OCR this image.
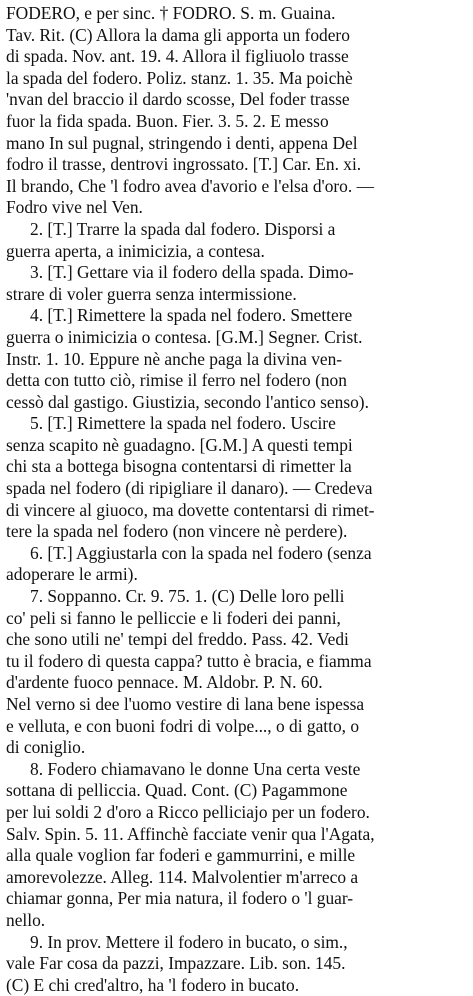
FODERO, e per sinc. † FODRO. S. m. Guaina.
Tav. Rit. (C) Allora la dama gli apporta un fodero
di spada. Nov. ant. 19. 4. Allora il figliuolo trasse
la spada del fodero. Poliz. stanz. 1. 35. Ma poichè
'nvan del braccio il dardo scosse, Del foder trasse
fuor la fida spada. Buon. Fier. 3. 5. 2. E messo
mano In sul pugnal, stringendo i denti, appena Del
fodro il trasse, dentrovi ingrossato. [T.] Car. En. xi.
Il brando, Che 'l fodro avea d'avorio e l'elsa d'oro. —
Fodro vive nel Ven.
2. [T.] Trarre la spada dal fodero. Disporsi a
guerra aperta, a inimicizia, a contesa.
3. [T.] Gettare via il fodero della spada. Dimo-
strare di voler guerra senza intermissione.
4. [T.] Rimettere la spada nel fodero. Smettere
guerra o inimicizia o contesa. [G.M.] Segner. Crist.
Instr. 1. 10. Eppure nè anche paga la divina ven-
detta con tutto ciò, rimise il ferro nel fodero (non
cessò dal gastigo. Giustizia, secondo l'antico senso).
5. [T.] Rimettere la spada nel fodero. Uscire
senza scapito nè guadagno. [G.M.] A questi tempi
chi sta a bottega bisogna contentarsi di rimetter la
spada nel fodero (di ripigliare il danaro). — Credeva
di vincere al giuoco, ma dovette contentarsi di rimet-
tere la spada nel fodero (non vincere nè perdere).
6. [T.] Aggiustarla con la spada nel fodero (senza
adoperare le armi).
7. Soppanno. Cr. 9. 75. 1. (C) Delle loro pelli
co' peli si fanno le pelliccie e li foderi dei panni,
che sono utili ne' tempi del freddo. Pass. 42. Vedi
tu il fodero di questa cappa? tutto è bracia, e fiamma
d'ardente fuoco pennace. M. Aldobr. P. N. 60.
Nel verno si dee l'uomo vestire di lana bene ispessa
e velluta, e con buoni fodri di volpe..., o di gatto, o
di coniglio.
8. Fodero chiamavano le donne Una certa veste
sottana di pelliccia. Quad. Cont. (C) Pagammone
per lui soldi 2 d'oro a Ricco pelliciajo per un fodero.
Salv. Spin. 5. 11. Affinchè facciate venir qua l'Agata,
alla quale voglion far foderi e gammurrini, e mille
amorevolezze. Alleg. 114. Malvolentier m'arreco a
chiamar gonna, Per mia natura, il fodero o 'l guar-
nello.
9. In prov. Mettere il fodero in bucato, o sim.,
vale Far cosa da pazzi, Impazzare. Lib. son. 145.
(C) E chi cred'altro, ha 'l fodero in bucato.
